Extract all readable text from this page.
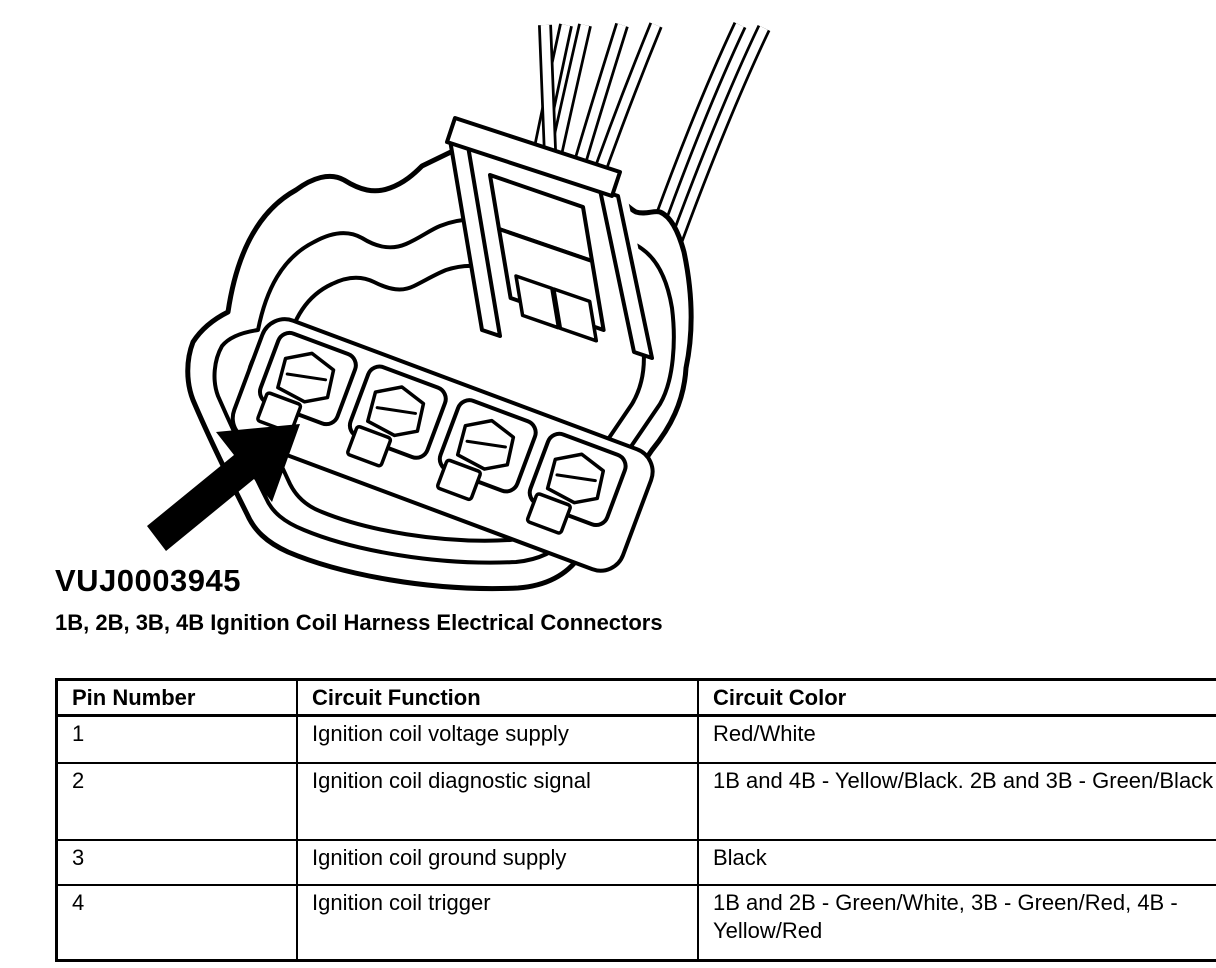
VUJ0003945
1B, 2B, 3B, 4B Ignition Coil Harness Electrical Connectors
Pin Number	Circuit Function	Circuit Color
1	Ignition coil voltage supply	Red/White
2	Ignition coil diagnostic signal	1B and 4B - Yellow/Black. 2B and 3B - Green/Black
3	Ignition coil ground supply	Black
4	Ignition coil trigger	1B and 2B - Green/White, 3B - Green/Red, 4B - Yellow/Red
